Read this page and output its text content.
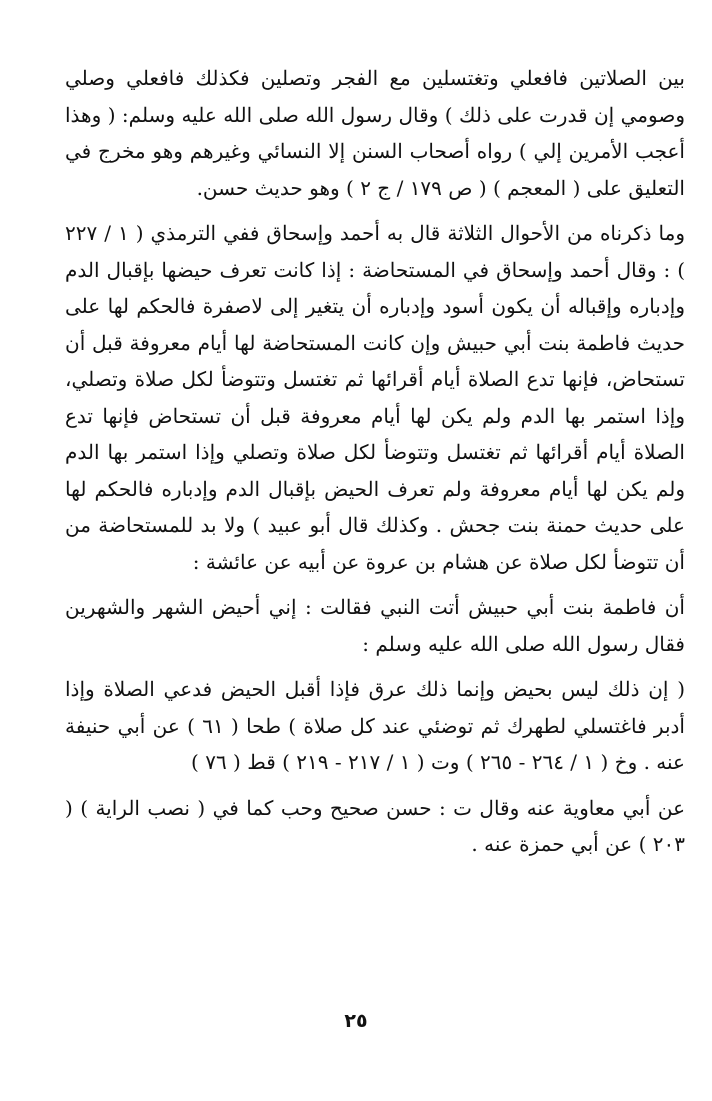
بين الصلاتين فافعلي وتغتسلين مع الفجر وتصلين فكذلك فافعلي وصلي وصومي إن قدرت على ذلك ) وقال رسول الله صلى الله عليه وسلم: ( وهذا أعجب الأمرين إلي ) رواه أصحاب السنن إلا النسائي وغيرهم وهو مخرج في التعليق على ( المعجم ) ( ص ١٧٩ / ج ٢ ) وهو حديث حسن.

وما ذكرناه من الأحوال الثلاثة قال به أحمد وإسحاق ففي الترمذي ( ١ / ٢٢٧ ) : وقال أحمد وإسحاق في المستحاضة : إذا كانت تعرف حيضها بإقبال الدم وإدباره وإقباله أن يكون أسود وإدباره أن يتغير إلى لاصفرة فالحكم لها على حديث فاطمة بنت أبي حبيش وإن كانت المستحاضة لها أيام معروفة قبل أن تستحاض، فإنها تدع الصلاة أيام أقرائها ثم تغتسل وتتوضأ لكل صلاة وتصلي، وإذا استمر بها الدم ولم يكن لها أيام معروفة قبل أن تستحاض فإنها تدع الصلاة أيام أقرائها ثم تغتسل وتتوضأ لكل صلاة وتصلي وإذا استمر بها الدم ولم يكن لها أيام معروفة ولم تعرف الحيض بإقبال الدم وإدباره فالحكم لها على حديث حمنة بنت جحش . وكذلك قال أبو عبيد ) ولا بد للمستحاضة من أن تتوضأ لكل صلاة عن هشام بن عروة عن أبيه عن عائشة :

أن فاطمة بنت أبي حبيش أتت النبي فقالت : إني أحيض الشهر والشهرين فقال رسول الله صلى الله عليه وسلم :

( إن ذلك ليس بحيض وإنما ذلك عرق فإذا أقبل الحيض فدعي الصلاة وإذا أدبر فاغتسلي لطهرك ثم توضئي عند كل صلاة ) طحا ( ٦١ ) عن أبي حنيفة عنه . وخ ( ١ / ٢٦٤ - ٢٦٥ ) وت ( ١ / ٢١٧ - ٢١٩ ) قط ( ٧٦ )

عن أبي معاوية عنه وقال ت : حسن صحيح وحب كما في ( نصب الراية ) ( ٢٠٣ ) عن أبي حمزة عنه .

٢٥
